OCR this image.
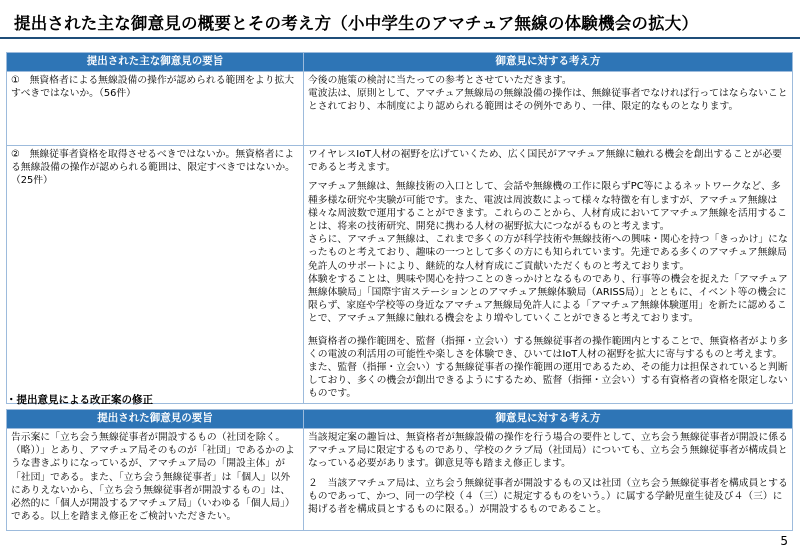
提出された主な御意見の概要とその考え方（小中学生のアマチュア無線の体験機会の拡大）
提出された主な御意見の要旨	御意見に対する考え方

①　無資格者による無線設備の操作が認められる範囲をより拡大すべきではないか。（56件）	今後の施策の検討に当たっての参考とさせていただきます。
電波法は、原則として、アマチュア無線局の無線設備の操作は、無線従事者でなければ行ってはならないこととされており、本制度により認められる範囲はその例外であり、一律、限定的なものとなります。

②　無線従事者資格を取得させるべきではないか。無資格者による無線設備の操作が認められる範囲は、限定すべきではないか。（25件）	ワイヤレスIoT人材の裾野を広げていくため、広く国民がアマチュア無線に触れる機会を創出することが必要であると考えます。

アマチュア無線は、無線技術の入口として、会話や無線機の工作に限らずPC等によるネットワークなど、多種多様な研究や実験が可能です。また、電波は周波数によって様々な特徴を有しますが、アマチュア無線は様々な周波数で運用することができます。これらのことから、人材育成においてアマチュア無線を活用することは、将来の技術研究、開発に携わる人材の裾野拡大につながるものと考えます。
さらに、アマチュア無線は、これまで多くの方が科学技術や無線技術への興味・関心を持つ「きっかけ」になったものと考えており、趣味の一つとして多くの方にも知られています。先達である多くのアマチュア無線局免許人のサポートにより、継続的な人材育成にご貢献いただくものと考えております。
体験をすることは、興味や関心を持つことのきっかけとなるものであり、行事等の機会を捉えた「アマチュア無線体験局」「国際宇宙ステーションとのアマチュア無線体験局（ARISS局）」とともに、イベント等の機会に限らず、家庭や学校等の身近なアマチュア無線局免許人による「アマチュア無線体験運用」を新たに認めることで、アマチュア無線に触れる機会をより増やしていくことができると考えております。

無資格者の操作範囲を、監督（指揮・立会い）する無線従事者の操作範囲内とすることで、無資格者がより多くの電波の利活用の可能性や楽しさを体験でき、ひいてはIoT人材の裾野を拡大に寄与するものと考えます。また、監督（指揮・立会い）する無線従事者の操作範囲の運用であるため、その能力は担保されていると判断しており、多くの機会が創出できるようにするため、監督（指揮・立会い）する有資格者の資格を限定しないものです。

・提出意見による改正案の修正
提出された御意見の要旨	御意見に対する考え方

告示案に「立ち会う無線従事者が開設するもの（社団を除く。（略））」とあり、アマチュア局そのものが「社団」であるかのような書きぶりになっているが、アマチュア局の「開設主体」が「社団」である。また、「立ち会う無線従事者」は「個人」以外にありえないから、「立ち会う無線従事者が開設するもの」は、必然的に「個人が開設するアマチュア局」（いわゆる「個人局」）である。以上を踏まえ修正をご検討いただきたい。	当該規定案の趣旨は、無資格者が無線設備の操作を行う場合の要件として、立ち会う無線従事者が開設に係るアマチュア局に限定するものであり、学校のクラブ局（社団局）についても、立ち会う無線従事者が構成員となっている必要があります。御意見等も踏まえ修正します。

２　当該アマチュア局は、立ち会う無線従事者が開設するもの又は社団（立ち会う無線従事者を構成員とするものであって、かつ、同一の学校（４（三）に規定するものをいう。）に属する学齢児童生徒及び４（三）に掲げる者を構成員とするものに限る。）が開設するものであること。

5
